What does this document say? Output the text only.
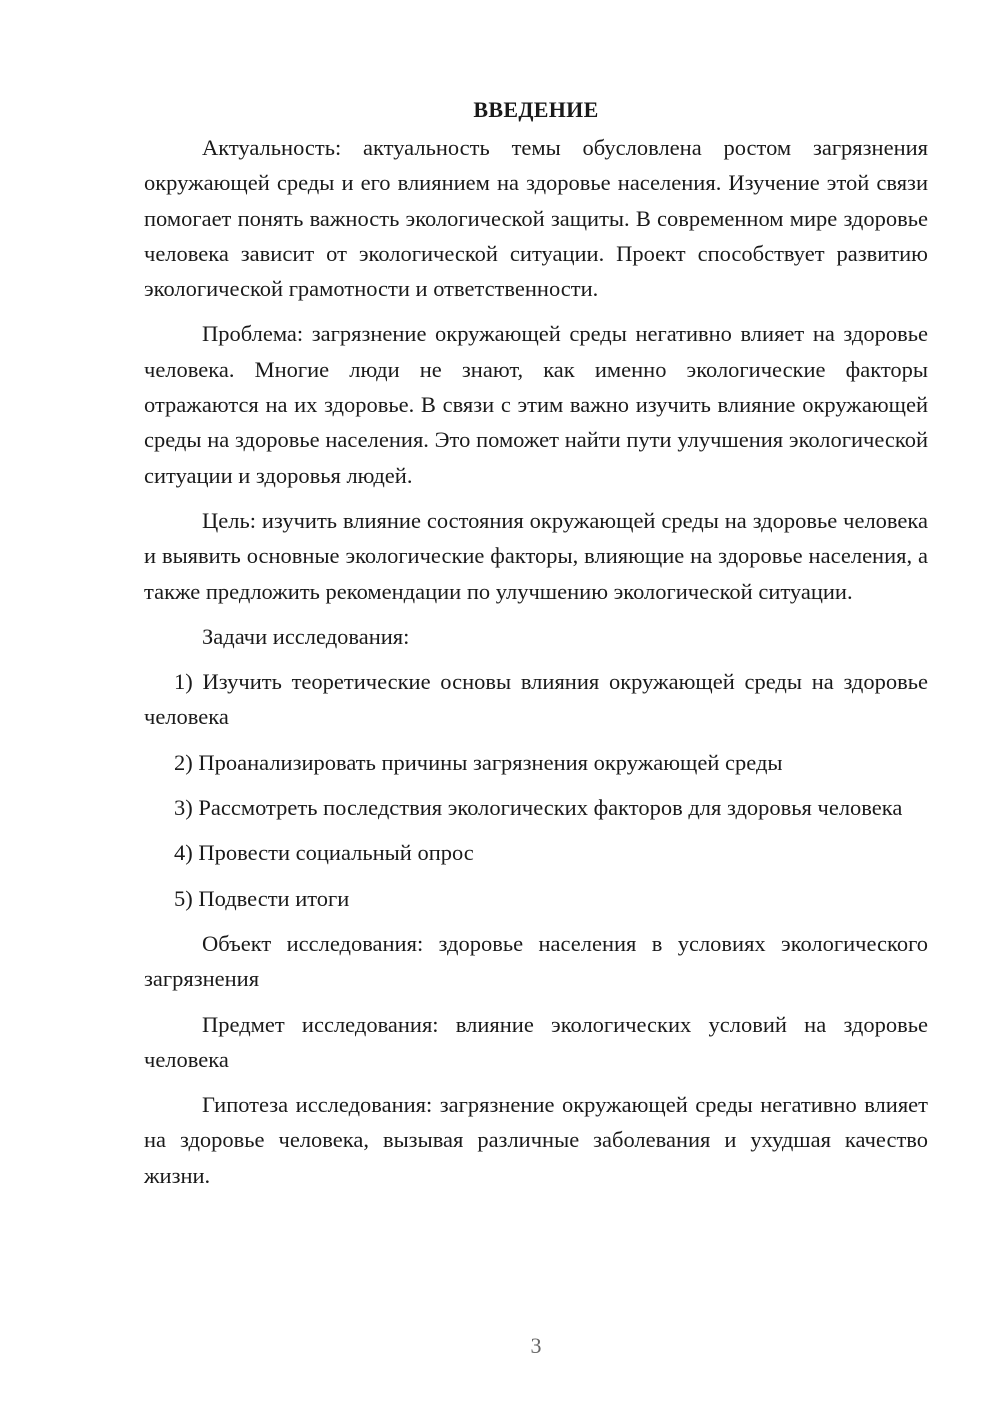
ВВЕДЕНИЕ

Актуальность: актуальность темы обусловлена ростом загрязнения окружающей среды и его влиянием на здоровье населения. Изучение этой связи помогает понять важность экологической защиты. В современном мире здоровье человека зависит от экологической ситуации. Проект способствует развитию экологической грамотности и ответственности.

Проблема: загрязнение окружающей среды негативно влияет на здоровье человека. Многие люди не знают, как именно экологические факторы отражаются на их здоровье. В связи с этим важно изучить влияние окружающей среды на здоровье населения. Это поможет найти пути улучшения экологической ситуации и здоровья людей.

Цель: изучить влияние состояния окружающей среды на здоровье человека и выявить основные экологические факторы, влияющие на здоровье населения, а также предложить рекомендации по улучшению экологической ситуации.

Задачи исследования:

1) Изучить теоретические основы влияния окружающей среды на здоровье человека

2) Проанализировать причины загрязнения окружающей среды

3) Рассмотреть последствия экологических факторов для здоровья человека

4) Провести социальный опрос

5) Подвести итоги

Объект исследования: здоровье населения в условиях экологического загрязнения

Предмет исследования: влияние экологических условий на здоровье человека

Гипотеза исследования: загрязнение окружающей среды негативно влияет на здоровье человека, вызывая различные заболевания и ухудшая качество жизни.

3
